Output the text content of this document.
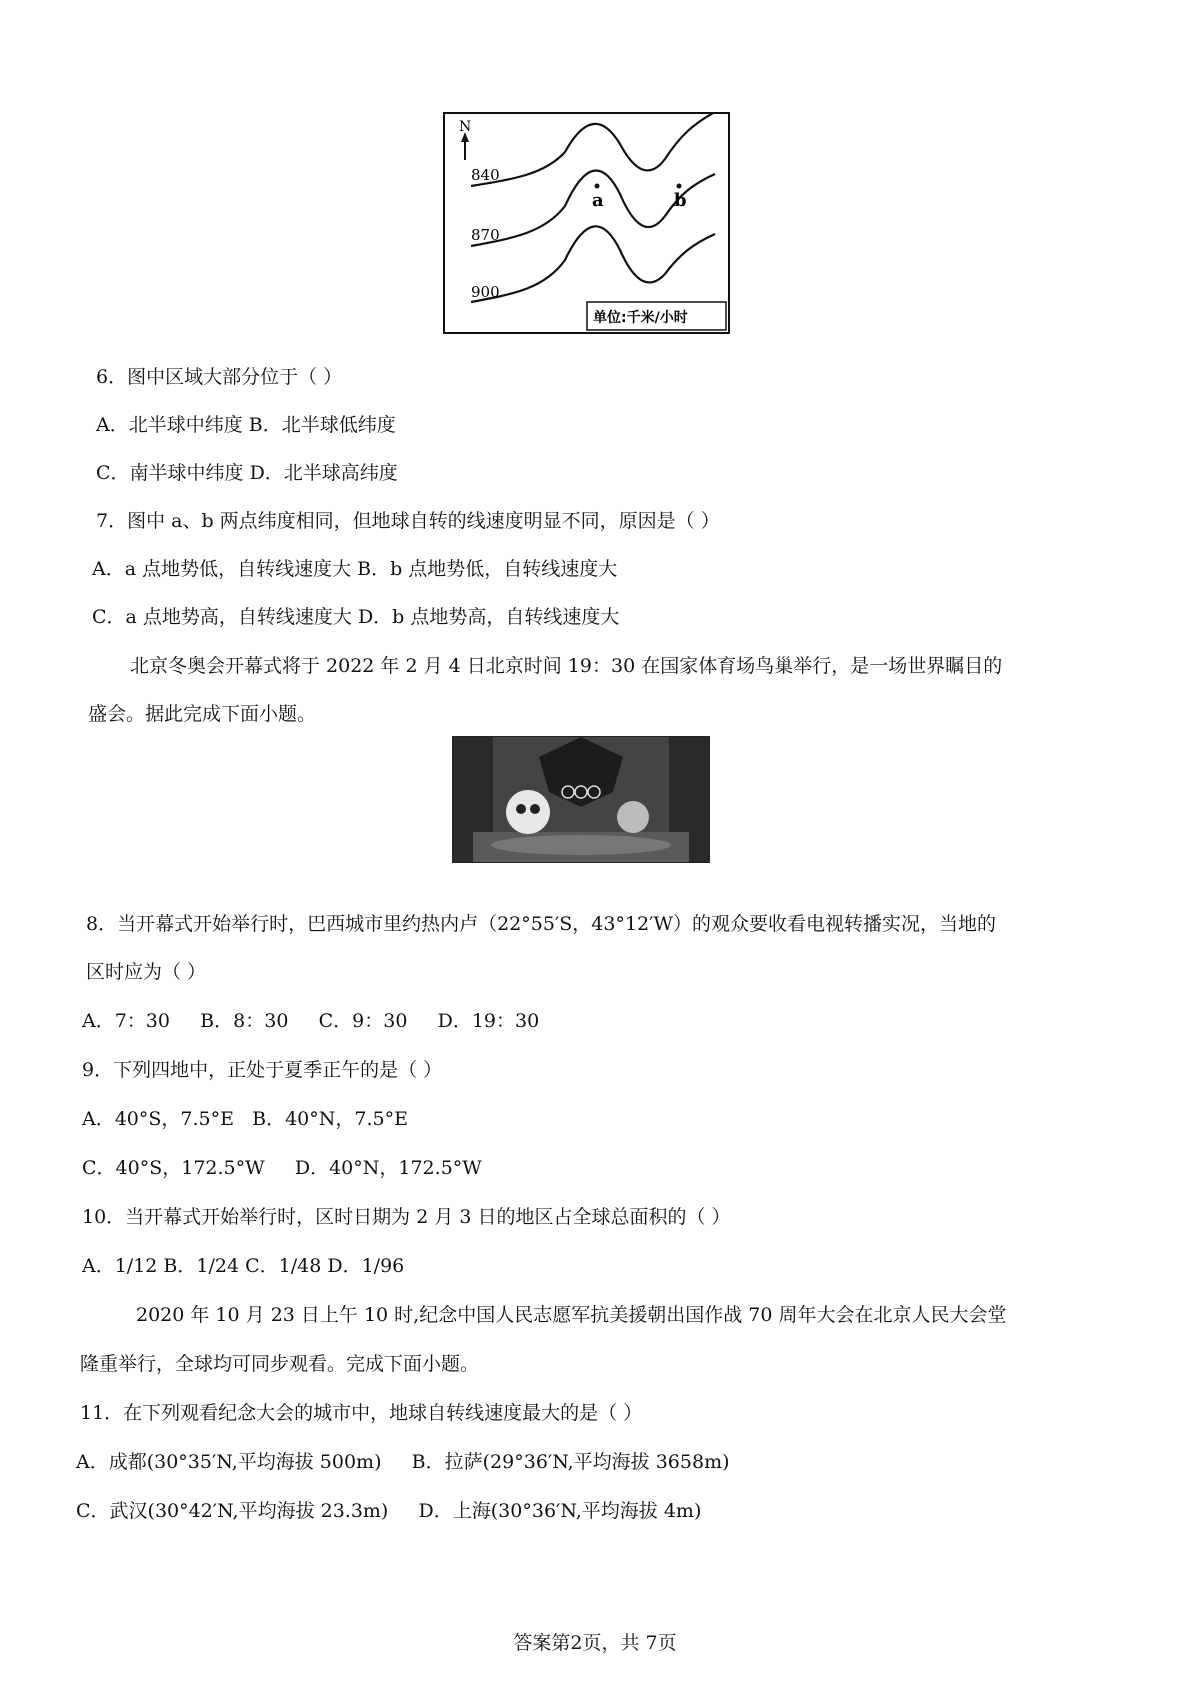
N
840
870
900
a	b
单位:千米/小时
6．图中区域大部分位于（ ）
A．北半球中纬度 B．北半球低纬度
C．南半球中纬度 D．北半球高纬度
7．图中 a、b 两点纬度相同，但地球自转的线速度明显不同，原因是（ ）
A．a 点地势低，自转线速度大 B．b 点地势低，自转线速度大
C．a 点地势高，自转线速度大 D．b 点地势高，自转线速度大
北京冬奥会开幕式将于 2022 年 2 月 4 日北京时间 19：30 在国家体育场鸟巢举行，是一场世界瞩目的
盛会。据此完成下面小题。
8．当开幕式开始举行时，巴西城市里约热内卢（22°55′S，43°12′W）的观众要收看电视转播实况，当地的
区时应为（ ）
A．7：30     B．8：30     C．9：30     D．19：30
9．下列四地中，正处于夏季正午的是（ ）
A．40°S，7.5°E   B．40°N，7.5°E
C．40°S，172.5°W     D．40°N，172.5°W
10．当开幕式开始举行时，区时日期为 2 月 3 日的地区占全球总面积的（ ）
A．1/12 B．1/24 C．1/48 D．1/96
2020 年 10 月 23 日上午 10 时,纪念中国人民志愿军抗美援朝出国作战 70 周年大会在北京人民大会堂
隆重举行，全球均可同步观看。完成下面小题。
11．在下列观看纪念大会的城市中，地球自转线速度最大的是（ ）
A．成都(30°35′N,平均海拔 500m)     B．拉萨(29°36′N,平均海拔 3658m)
C．武汉(30°42′N,平均海拔 23.3m)     D．上海(30°36′N,平均海拔 4m)
答案第2页，共 7页
